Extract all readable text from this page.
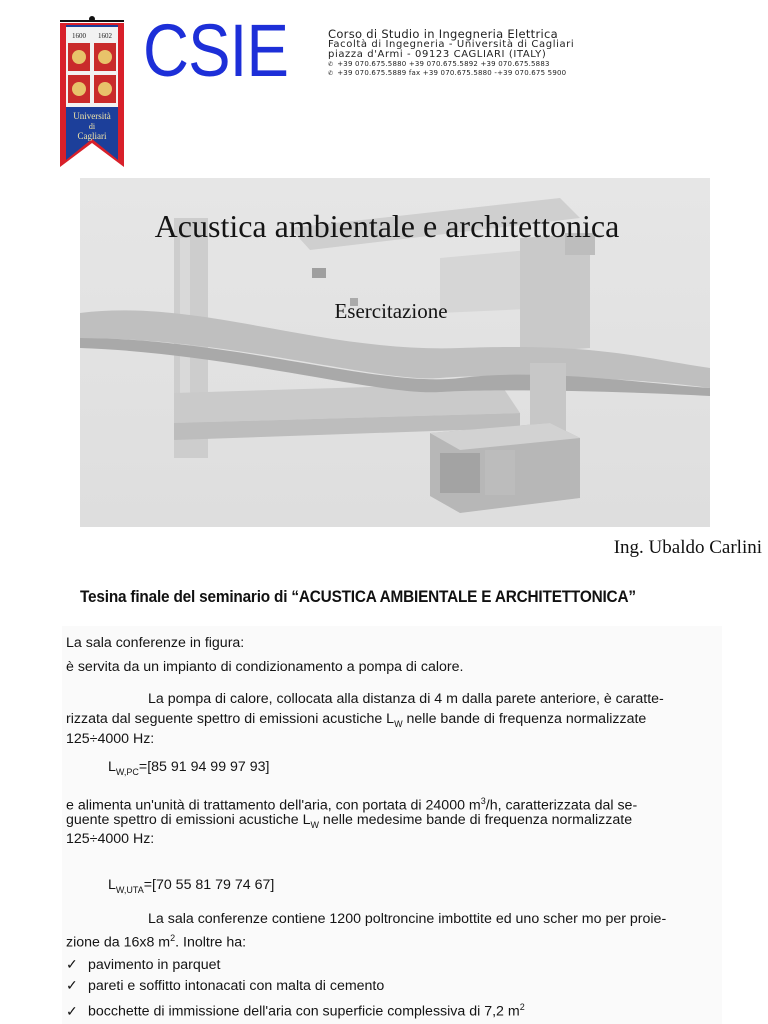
1600 1602
Università
di
Cagliari
CSIE	Corso di Studio in Ingegneria Elettrica
Facoltà di Ingegneria - Università di Cagliari
piazza d'Armi - 09123 CAGLIARI (ITALY)
✆ +39 070.675.5880 +39 070.675.5892 +39 070.675.5883
✆ +39 070.675.5889 fax +39 070.675.5880 -+39 070.675 5900
Acustica ambientale e architettonica
Esercitazione
Ing. Ubaldo Carlini
Tesina finale del seminario di “ACUSTICA AMBIENTALE E ARCHITETTONICA”
La sala conferenze in figura:
è servita da un impianto di condizionamento a pompa di calore.
La pompa di calore, collocata alla distanza di 4 m dalla parete anteriore, è caratte-
rizzata dal seguente spettro di emissioni acustiche $L_W$ nelle bande di frequenza normalizzate
125÷4000 Hz:
$L_{W,PC}=[85$ 91 94 99 97 93]
e alimenta un'unità di trattamento dell'aria, con portata di 24000 $m^3/h$, caratterizzata dal se-
guente spettro di emissioni acustiche $L_W$ nelle medesime bande di frequenza normalizzate
125÷4000 Hz:
$L_{W,UTA}=[70$ 55 81 79 74 67]
La sala conferenze contiene 1200 poltroncine imbottite ed uno scher mo per proie-
zione da 16x8 $m^2$. Inoltre ha:
✓ pavimento in parquet
✓ pareti e soffitto intonacati con malta di cemento
✓ bocchette di immissione dell'aria con superficie complessiva di 7,2 $m^2$
